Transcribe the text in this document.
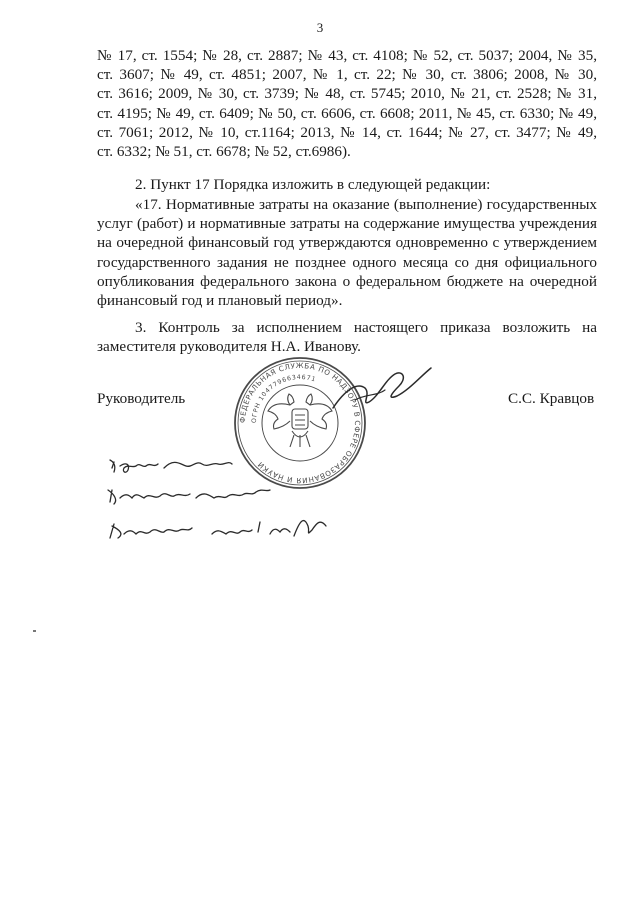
3
№ 17, ст. 1554; № 28, ст. 2887; № 43, ст. 4108; № 52, ст. 5037; 2004, № 35,
ст. 3607; № 49, ст. 4851; 2007, № 1, ст. 22; № 30, ст. 3806; 2008, № 30,
ст. 3616; 2009, № 30, ст. 3739; № 48, ст. 5745; 2010, № 21, ст. 2528; № 31,
ст. 4195; № 49, ст. 6409; № 50, ст. 6606, ст. 6608; 2011, № 45, ст. 6330; № 49,
ст. 7061; 2012, № 10, ст.1164; 2013, № 14, ст. 1644; № 27, ст. 3477; № 49,
ст. 6332; № 51, ст. 6678; № 52, ст.6986).
2. Пункт 17 Порядка изложить в следующей редакции:
«17. Нормативные затраты на оказание (выполнение) государственных
услуг (работ) и нормативные затраты на содержание имущества учреждения
на очередной финансовый год утверждаются одновременно с утверждением
государственного задания не позднее одного месяца со дня официального
опубликования федерального закона о федеральном бюджете на очередной
финансовый год и плановый период».
3. Контроль за исполнением настоящего приказа возложить на
заместителя руководителя Н.А. Иванову.
Руководитель	С.С. Кравцов
ФЕДЕРАЛЬНАЯ СЛУЖБА ПО НАДЗОРУ В СФЕРЕ ОБРАЗОВАНИЯ И НАУКИ
ОГРН 1047796634671
